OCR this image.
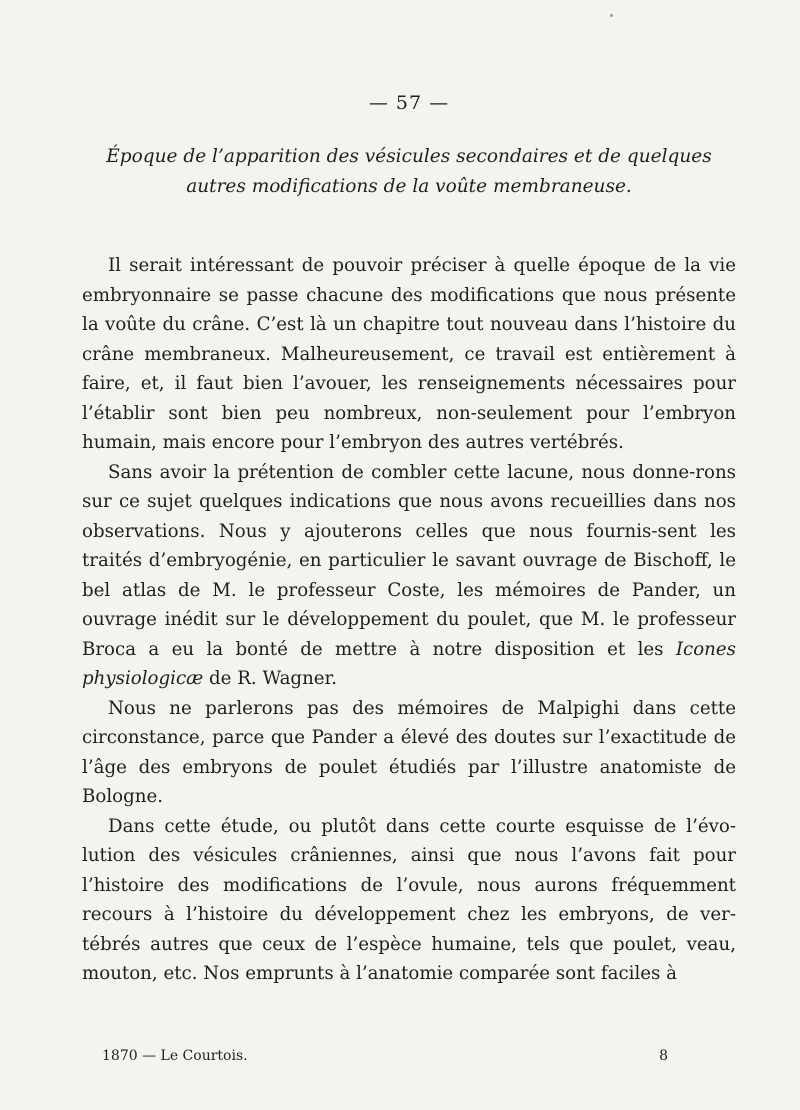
— 57 —
Époque de l’apparition des vésicules secondaires et de quelques
autres modifications de la voûte membraneuse.

Il serait intéressant de pouvoir préciser à quelle époque de la vie embryonnaire se passe chacune des modifications que nous présente la voûte du crâne. C’est là un chapitre tout nouveau dans l’histoire du crâne membraneux. Malheureusement, ce travail est entièrement à faire, et, il faut bien l’avouer, les renseignements nécessaires pour l’établir sont bien peu nombreux, non-seulement pour l’embryon humain, mais encore pour l’embryon des autres vertébrés.

Sans avoir la prétention de combler cette lacune, nous donne-rons sur ce sujet quelques indications que nous avons recueillies dans nos observations. Nous y ajouterons celles que nous fournis-sent les traités d’embryogénie, en particulier le savant ouvrage de Bischoff, le bel atlas de M. le professeur Coste, les mémoires de Pander, un ouvrage inédit sur le développement du poulet, que M. le professeur Broca a eu la bonté de mettre à notre disposition et les Icones physiologicæ de R. Wagner.

Nous ne parlerons pas des mémoires de Malpighi dans cette circonstance, parce que Pander a élevé des doutes sur l’exactitude de l’âge des embryons de poulet étudiés par l’illustre anatomiste de Bologne.

Dans cette étude, ou plutôt dans cette courte esquisse de l’évo-lution des vésicules crâniennes, ainsi que nous l’avons fait pour l’histoire des modifications de l’ovule, nous aurons fréquemment recours à l’histoire du développement chez les embryons, de ver-tébrés autres que ceux de l’espèce humaine, tels que poulet, veau, mouton, etc. Nos emprunts à l’anatomie comparée sont faciles à

1870 — Le Courtois.	8
